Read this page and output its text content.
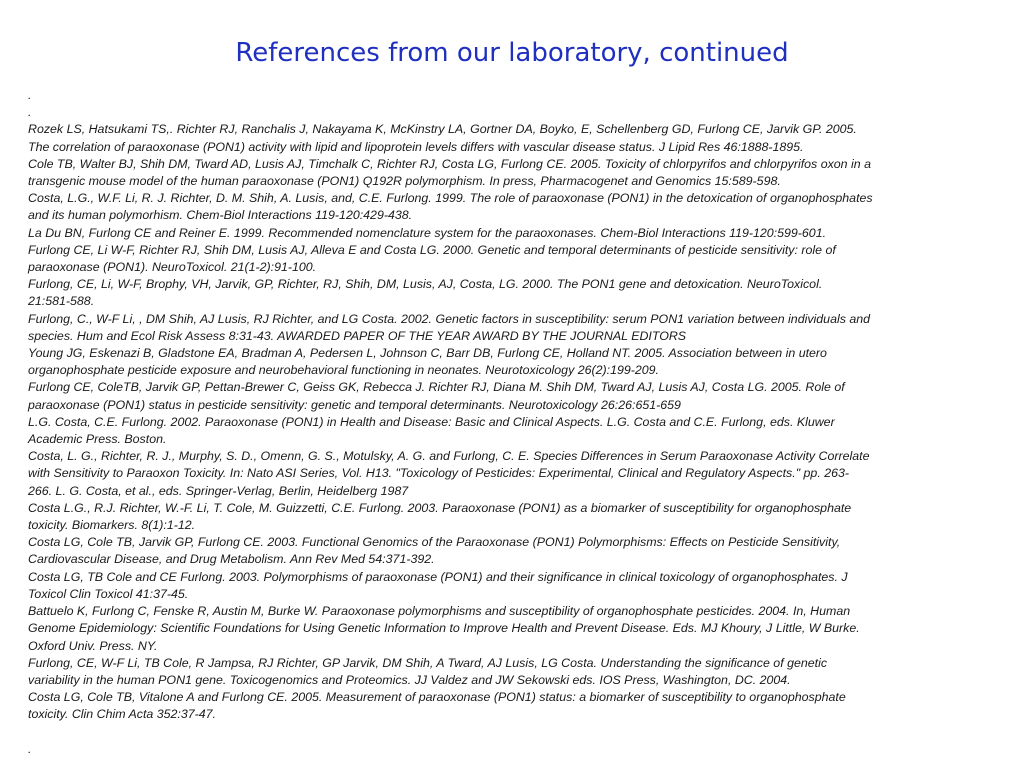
References from our laboratory, continued
.
.
Rozek LS, Hatsukami TS,. Richter RJ, Ranchalis J, Nakayama K, McKinstry LA, Gortner DA, Boyko, E, Schellenberg GD, Furlong CE, Jarvik GP. 2005.
The correlation of paraoxonase (PON1) activity with lipid and lipoprotein levels differs with vascular disease status. J Lipid Res 46:1888-1895.
Cole TB, Walter BJ, Shih DM, Tward AD, Lusis AJ, Timchalk C, Richter RJ, Costa LG, Furlong CE. 2005. Toxicity of chlorpyrifos and chlorpyrifos oxon in a
transgenic mouse model of the human paraoxonase (PON1) Q192R polymorphism. In press, Pharmacogenet and Genomics 15:589-598.
Costa, L.G., W.F. Li, R. J. Richter, D. M. Shih, A. Lusis, and, C.E. Furlong. 1999. The role of paraoxonase (PON1) in the detoxication of organophosphates
and its human polymorhism. Chem-Biol Interactions 119-120:429-438.
La Du BN, Furlong CE and Reiner E. 1999. Recommended nomenclature system for the paraoxonases. Chem-Biol Interactions 119-120:599-601.
Furlong CE, Li W-F, Richter RJ, Shih DM, Lusis AJ, Alleva E and Costa LG. 2000. Genetic and temporal determinants of pesticide sensitivity: role of
paraoxonase (PON1). NeuroToxicol. 21(1-2):91-100.
Furlong, CE, Li, W-F, Brophy, VH, Jarvik, GP, Richter, RJ, Shih, DM, Lusis, AJ, Costa, LG. 2000. The PON1 gene and detoxication. NeuroToxicol.
21:581-588.
Furlong, C., W-F Li, , DM Shih, AJ Lusis, RJ Richter, and LG Costa. 2002. Genetic factors in susceptibility: serum PON1 variation between individuals and
species. Hum and Ecol Risk Assess 8:31-43. AWARDED PAPER OF THE YEAR AWARD BY THE JOURNAL EDITORS
Young JG, Eskenazi B, Gladstone EA, Bradman A, Pedersen L, Johnson C, Barr DB, Furlong CE, Holland NT. 2005. Association between in utero
organophosphate pesticide exposure and neurobehavioral functioning in neonates. Neurotoxicology 26(2):199-209.
Furlong CE, ColeTB, Jarvik GP, Pettan-Brewer C, Geiss GK, Rebecca J. Richter RJ, Diana M. Shih DM, Tward AJ, Lusis AJ, Costa LG. 2005. Role of
paraoxonase (PON1) status in pesticide sensitivity: genetic and temporal determinants. Neurotoxicology 26:26:651-659
L.G. Costa, C.E. Furlong. 2002. Paraoxonase (PON1) in Health and Disease: Basic and Clinical Aspects. L.G. Costa and C.E. Furlong, eds. Kluwer
Academic Press. Boston.
Costa, L. G., Richter, R. J., Murphy, S. D., Omenn, G. S., Motulsky, A. G. and Furlong, C. E. Species Differences in Serum Paraoxonase Activity Correlate
with Sensitivity to Paraoxon Toxicity. In: Nato ASI Series, Vol. H13. "Toxicology of Pesticides: Experimental, Clinical and Regulatory Aspects." pp. 263-
266. L. G. Costa, et al., eds. Springer-Verlag, Berlin, Heidelberg 1987
Costa L.G., R.J. Richter, W.-F. Li, T. Cole, M. Guizzetti, C.E. Furlong. 2003. Paraoxonase (PON1) as a biomarker of susceptibility for organophosphate
toxicity. Biomarkers. 8(1):1-12.
Costa LG, Cole TB, Jarvik GP, Furlong CE. 2003. Functional Genomics of the Paraoxonase (PON1) Polymorphisms: Effects on Pesticide Sensitivity,
Cardiovascular Disease, and Drug Metabolism. Ann Rev Med 54:371-392.
Costa LG, TB Cole and CE Furlong. 2003. Polymorphisms of paraoxonase (PON1) and their significance in clinical toxicology of organophosphates. J
Toxicol Clin Toxicol 41:37-45.
Battuelo K, Furlong C, Fenske R, Austin M, Burke W. Paraoxonase polymorphisms and susceptibility of organophosphate pesticides. 2004. In, Human
Genome Epidemiology: Scientific Foundations for Using Genetic Information to Improve Health and Prevent Disease. Eds. MJ Khoury, J Little, W Burke.
Oxford Univ. Press. NY.
Furlong, CE, W-F Li, TB Cole, R Jampsa, RJ Richter, GP Jarvik, DM Shih, A Tward, AJ Lusis, LG Costa. Understanding the significance of genetic
variability in the human PON1 gene. Toxicogenomics and Proteomics. JJ Valdez and JW Sekowski eds. IOS Press, Washington, DC. 2004.
Costa LG, Cole TB, Vitalone A and Furlong CE. 2005. Measurement of paraoxonase (PON1) status: a biomarker of susceptibility to organophosphate
toxicity. Clin Chim Acta 352:37-47.
.
